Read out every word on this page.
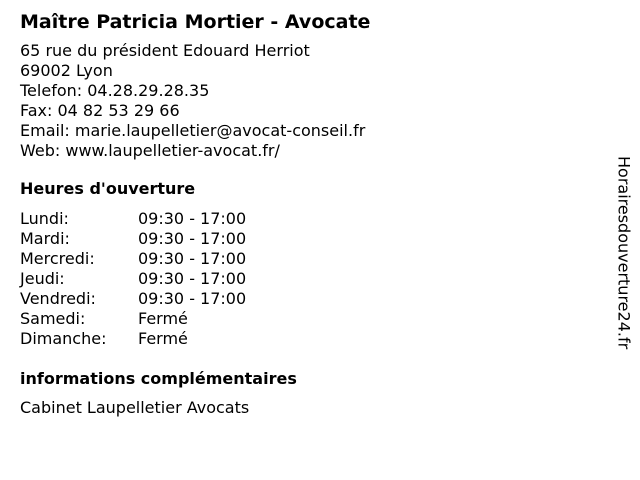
Maître Patricia Mortier - Avocate
65 rue du président Edouard Herriot
69002 Lyon
Telefon: 04.28.29.28.35
Fax: 04 82 53 29 66
Email: marie.laupelletier@avocat-conseil.fr
Web: www.laupelletier-avocat.fr/
Heures d'ouverture
Lundi:	09:30 - 17:00
Mardi:	09:30 - 17:00
Mercredi:	09:30 - 17:00
Jeudi:	09:30 - 17:00
Vendredi:	09:30 - 17:00
Samedi:	Fermé
Dimanche:	Fermé
informations complémentaires
Cabinet Laupelletier Avocats
Horairesdouverture24.fr
